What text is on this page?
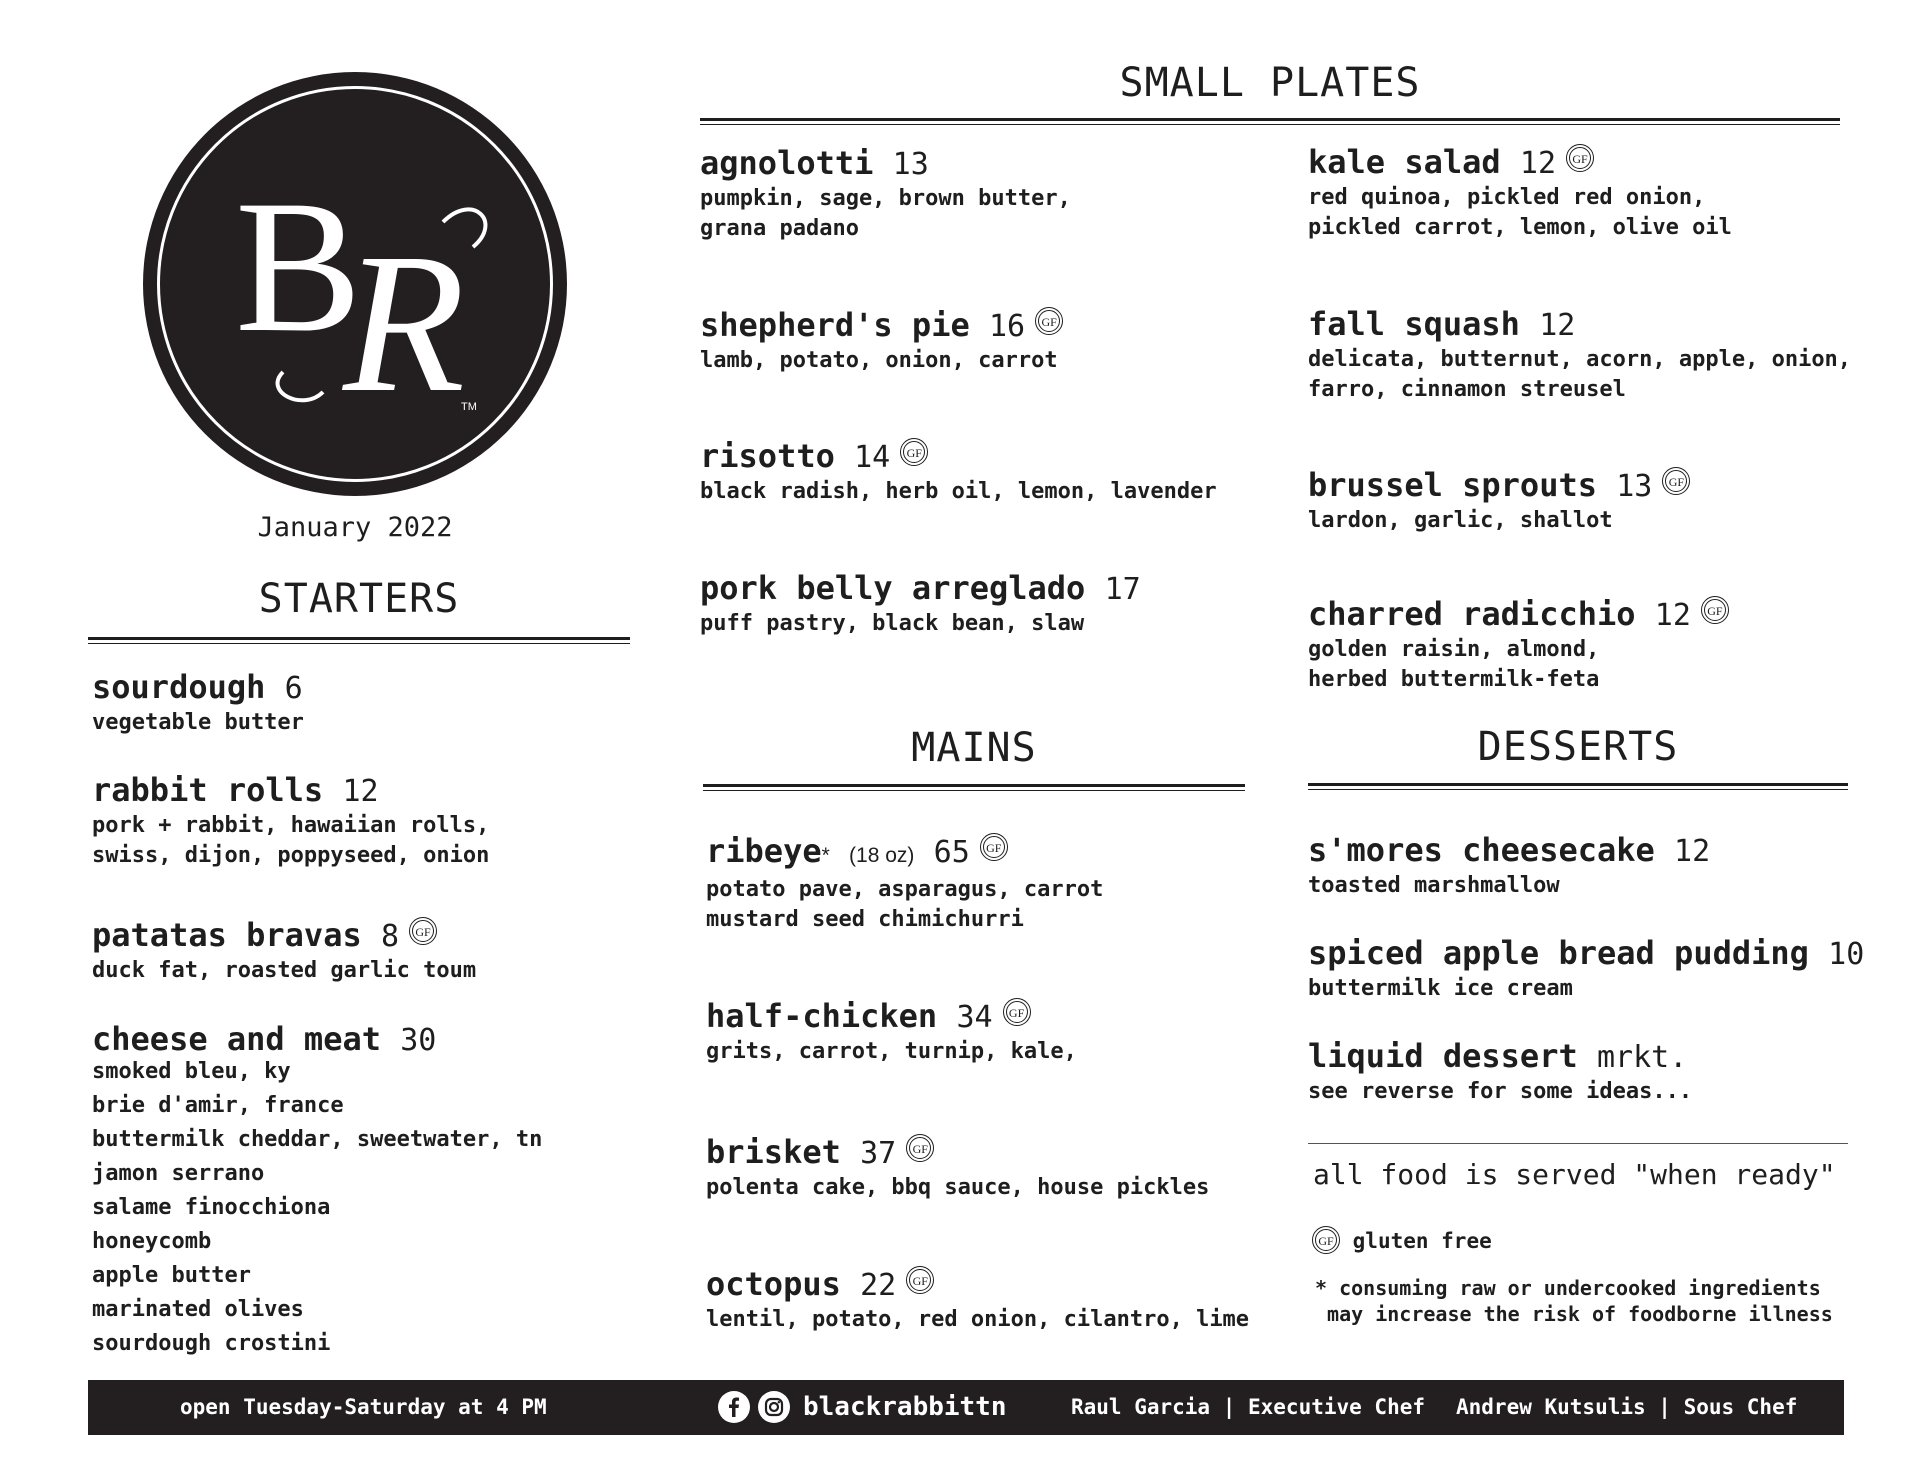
B
R
TM
January 2022
STARTERS
sourdough 6
vegetable butter
rabbit rolls 12
pork + rabbit, hawaiian rolls,
swiss, dijon, poppyseed, onion
patatas bravas 8 GF
duck fat, roasted garlic toum
cheese and meat 30
smoked bleu, ky
brie d'amir, france
buttermilk cheddar, sweetwater, tn
jamon serrano
salame finocchiona
honeycomb
apple butter
marinated olives
sourdough crostini
SMALL PLATES
agnolotti 13
pumpkin, sage, brown butter,
grana padano
shepherd's pie 16 GF
lamb, potato, onion, carrot
risotto 14 GF
black radish, herb oil, lemon, lavender
pork belly arreglado 17
puff pastry, black bean, slaw
kale salad 12 GF
red quinoa, pickled red onion,
pickled carrot, lemon, olive oil
fall squash 12
delicata, butternut, acorn, apple, onion,
farro, cinnamon streusel
brussel sprouts 13 GF
lardon, garlic, shallot
charred radicchio 12 GF
golden raisin, almond,
herbed buttermilk-feta
MAINS
ribeye* (18 oz) 65 GF
potato pave, asparagus, carrot
mustard seed chimichurri
half-chicken 34 GF
grits, carrot, turnip, kale,
brisket 37 GF
polenta cake, bbq sauce, house pickles
octopus 22 GF
lentil, potato, red onion, cilantro, lime
DESSERTS
s'mores cheesecake 12
toasted marshmallow
spiced apple bread pudding 10
buttermilk ice cream
liquid dessert mrkt.
see reverse for some ideas...
all food is served "when ready"
GF gluten free
* consuming raw or undercooked ingredients
may increase the risk of foodborne illness
open Tuesday-Saturday at 4 PM	blackrabbittn	Raul Garcia | Executive Chef Andrew Kutsulis | Sous Chef
